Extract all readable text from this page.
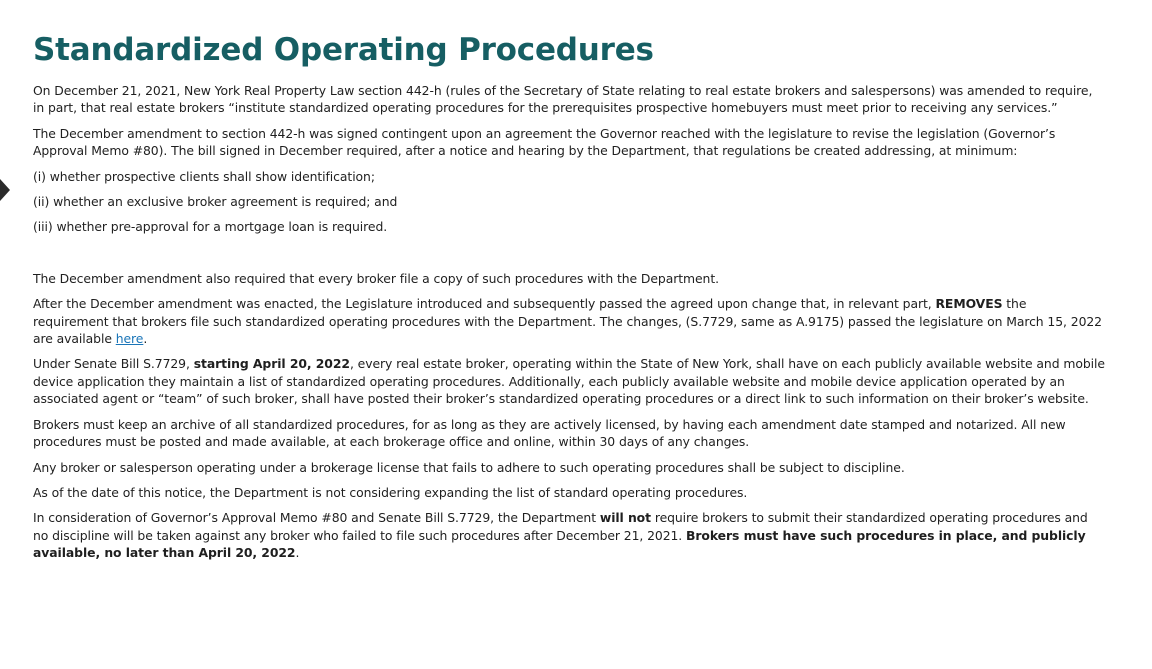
Standardized Operating Procedures

On December 21, 2021, New York Real Property Law section 442-h (rules of the Secretary of State relating to real estate brokers and salespersons) was amended to require, in part, that real estate brokers “institute standardized operating procedures for the prerequisites prospective homebuyers must meet prior to receiving any services.”

The December amendment to section 442-h was signed contingent upon an agreement the Governor reached with the legislature to revise the legislation (Governor’s Approval Memo #80). The bill signed in December required, after a notice and hearing by the Department, that regulations be created addressing, at minimum:

(i) whether prospective clients shall show identification;

(ii) whether an exclusive broker agreement is required; and

(iii) whether pre-approval for a mortgage loan is required.

The December amendment also required that every broker file a copy of such procedures with the Department.

After the December amendment was enacted, the Legislature introduced and subsequently passed the agreed upon change that, in relevant part, REMOVES the requirement that brokers file such standardized operating procedures with the Department. The changes, (S.7729, same as A.9175) passed the legislature on March 15, 2022 are available here.

Under Senate Bill S.7729, starting April 20, 2022, every real estate broker, operating within the State of New York, shall have on each publicly available website and mobile device application they maintain a list of standardized operating procedures. Additionally, each publicly available website and mobile device application operated by an associated agent or “team” of such broker, shall have posted their broker’s standardized operating procedures or a direct link to such information on their broker’s website.

Brokers must keep an archive of all standardized procedures, for as long as they are actively licensed, by having each amendment date stamped and notarized. All new procedures must be posted and made available, at each brokerage office and online, within 30 days of any changes.

Any broker or salesperson operating under a brokerage license that fails to adhere to such operating procedures shall be subject to discipline.

As of the date of this notice, the Department is not considering expanding the list of standard operating procedures.

In consideration of Governor’s Approval Memo #80 and Senate Bill S.7729, the Department will not require brokers to submit their standardized operating procedures and no discipline will be taken against any broker who failed to file such procedures after December 21, 2021. Brokers must have such procedures in place, and publicly available, no later than April 20, 2022.
